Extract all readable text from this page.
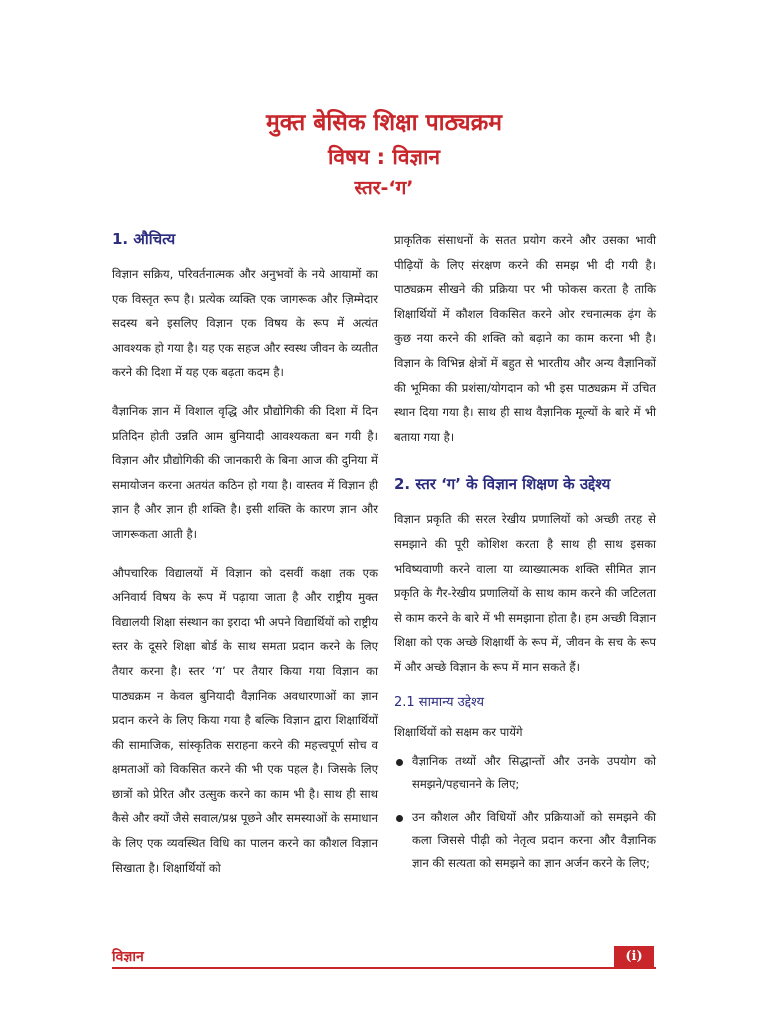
मुक्त बेसिक शिक्षा पाठ्यक्रम
विषय : विज्ञान
स्तर-‘ग’
1. औचित्य

विज्ञान सक्रिय, परिवर्तनात्मक और अनुभवों के नये आयामों का एक विस्तृत रूप है। प्रत्येक व्यक्ति एक जागरूक और ज़िम्मेदार सदस्य बने इसलिए विज्ञान एक विषय के रूप में अत्यंत आवश्यक हो गया है। यह एक सहज और स्वस्थ जीवन के व्यतीत करने की दिशा में यह एक बढ़ता कदम है।

वैज्ञानिक ज्ञान में विशाल वृद्धि और प्रौद्योगिकी की दिशा में दिन प्रतिदिन होती उन्नति आम बुनियादी आवश्यकता बन गयी है। विज्ञान और प्रौद्योगिकी की जानकारी के बिना आज की दुनिया में समायोजन करना अतयंत कठिन हो गया है। वास्तव में विज्ञान ही ज्ञान है और ज्ञान ही शक्ति है। इसी शक्ति के कारण ज्ञान और जागरूकता आती है।

औपचारिक विद्यालयों में विज्ञान को दसवीं कक्षा तक एक अनिवार्य विषय के रूप में पढ़ाया जाता है और राष्ट्रीय मुक्त विद्यालयी शिक्षा संस्थान का इरादा भी अपने विद्यार्थियों को राष्ट्रीय स्तर के दूसरे शिक्षा बोर्ड के साथ समता प्रदान करने के लिए तैयार करना है। स्तर ‘ग’ पर तैयार किया गया विज्ञान का पाठ्यक्रम न केवल बुनियादी वैज्ञानिक अवधारणाओं का ज्ञान प्रदान करने के लिए किया गया है बल्कि विज्ञान द्वारा शिक्षार्थियों की सामाजिक, सांस्कृतिक सराहना करने की महत्त्वपूर्ण सोच व क्षमताओं को विकसित करने की भी एक पहल है। जिसके लिए छात्रों को प्रेरित और उत्सुक करने का काम भी है। साथ ही साथ कैसे और क्यों जैसे सवाल/प्रश्न पूछने और समस्याओं के समाधान के लिए एक व्यवस्थित विधि का पालन करने का कौशल विज्ञान सिखाता है। शिक्षार्थियों को

प्राकृतिक संसाधनों के सतत प्रयोग करने और उसका भावी पीढ़ियों के लिए संरक्षण करने की समझ भी दी गयी है। पाठ्यक्रम सीखने की प्रक्रिया पर भी फोकस करता है ताकि शिक्षार्थियों में कौशल विकसित करने ओर रचनात्मक ढ़ंग के कुछ नया करने की शक्ति को बढ़ाने का काम करना भी है। विज्ञान के विभिन्न क्षेत्रों में बहुत से भारतीय और अन्य वैज्ञानिकों की भूमिका की प्रशंसा/योगदान को भी इस पाठ्यक्रम में उचित स्थान दिया गया है। साथ ही साथ वैज्ञानिक मूल्यों के बारे में भी बताया गया है।

2. स्तर ‘ग’ के विज्ञान शिक्षण के उद्देश्य

विज्ञान प्रकृति की सरल रेखीय प्रणालियों को अच्छी तरह से समझाने की पूरी कोशिश करता है साथ ही साथ इसका भविष्यवाणी करने वाला या व्याख्यात्मक शक्ति सीमित ज्ञान प्रकृति के गैर-रेखीय प्रणालियों के साथ काम करने की जटिलता से काम करने के बारे में भी समझाना होता है। हम अच्छी विज्ञान शिक्षा को एक अच्छे शिक्षार्थी के रूप में, जीवन के सच के रूप में और अच्छे विज्ञान के रूप में मान सकते हैं।

2.1 सामान्य उद्देश्य

शिक्षार्थियों को सक्षम कर पायेंगे

वैज्ञानिक तथ्यों और सिद्धान्तों और उनके उपयोग को समझने/पहचानने के लिए;
उन कौशल और विधियों और प्रक्रियाओं को समझने की कला जिससे पीढ़ी को नेतृत्व प्रदान करना और वैज्ञानिक ज्ञान की सत्यता को समझने का ज्ञान अर्जन करने के लिए;
विज्ञान	(i)
